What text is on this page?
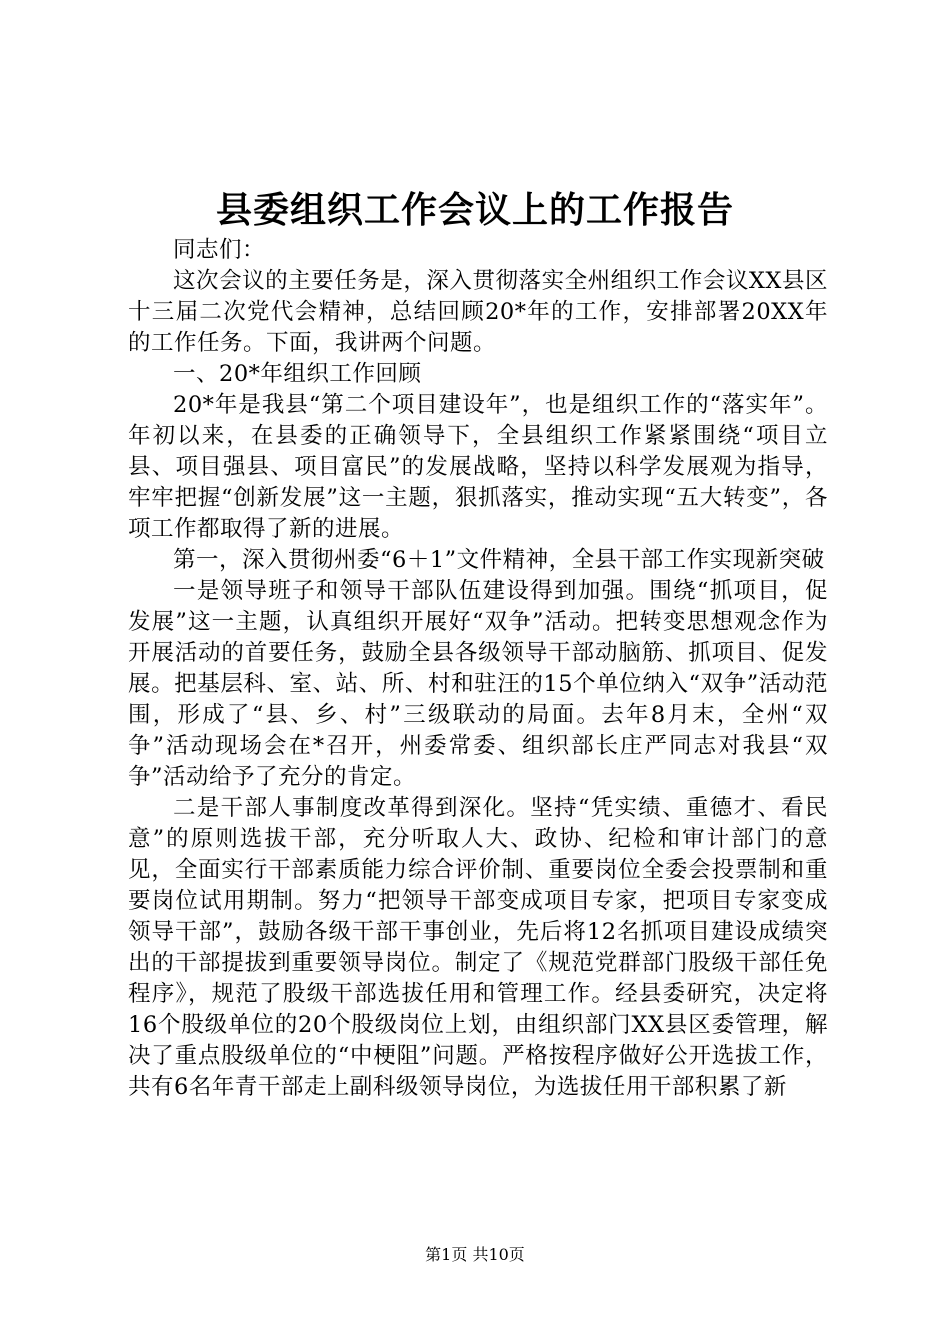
县委组织工作会议上的工作报告

同志们：

这次会议的主要任务是，深入贯彻落实全州组织工作会议XX县区十三届二次党代会精神，总结回顾20*年的工作，安排部署20XX年的工作任务。下面，我讲两个问题。

一、20*年组织工作回顾

20*年是我县“第二个项目建设年”，也是组织工作的“落实年”。年初以来，在县委的正确领导下，全县组织工作紧紧围绕“项目立县、项目强县、项目富民”的发展战略，坚持以科学发展观为指导，牢牢把握“创新发展”这一主题，狠抓落实，推动实现“五大转变”，各项工作都取得了新的进展。

第一，深入贯彻州委“6＋1”文件精神，全县干部工作实现新突破

一是领导班子和领导干部队伍建设得到加强。围绕“抓项目，促发展”这一主题，认真组织开展好“双争”活动。把转变思想观念作为开展活动的首要任务，鼓励全县各级领导干部动脑筋、抓项目、促发展。把基层科、室、站、所、村和驻汪的15个单位纳入“双争”活动范围，形成了“县、乡、村”三级联动的局面。去年8月末，全州“双争”活动现场会在*召开，州委常委、组织部长庄严同志对我县“双争”活动给予了充分的肯定。

二是干部人事制度改革得到深化。坚持“凭实绩、重德才、看民意”的原则选拔干部，充分听取人大、政协、纪检和审计部门的意见，全面实行干部素质能力综合评价制、重要岗位全委会投票制和重要岗位试用期制。努力“把领导干部变成项目专家，把项目专家变成领导干部”，鼓励各级干部干事创业，先后将12名抓项目建设成绩突出的干部提拔到重要领导岗位。制定了《规范党群部门股级干部任免程序》，规范了股级干部选拔任用和管理工作。经县委研究，决定将16个股级单位的20个股级岗位上划，由组织部门XX县区委管理，解决了重点股级单位的“中梗阻”问题。严格按程序做好公开选拔工作，共有6名年青干部走上副科级领导岗位，为选拔任用干部积累了新

第1页 共10页
